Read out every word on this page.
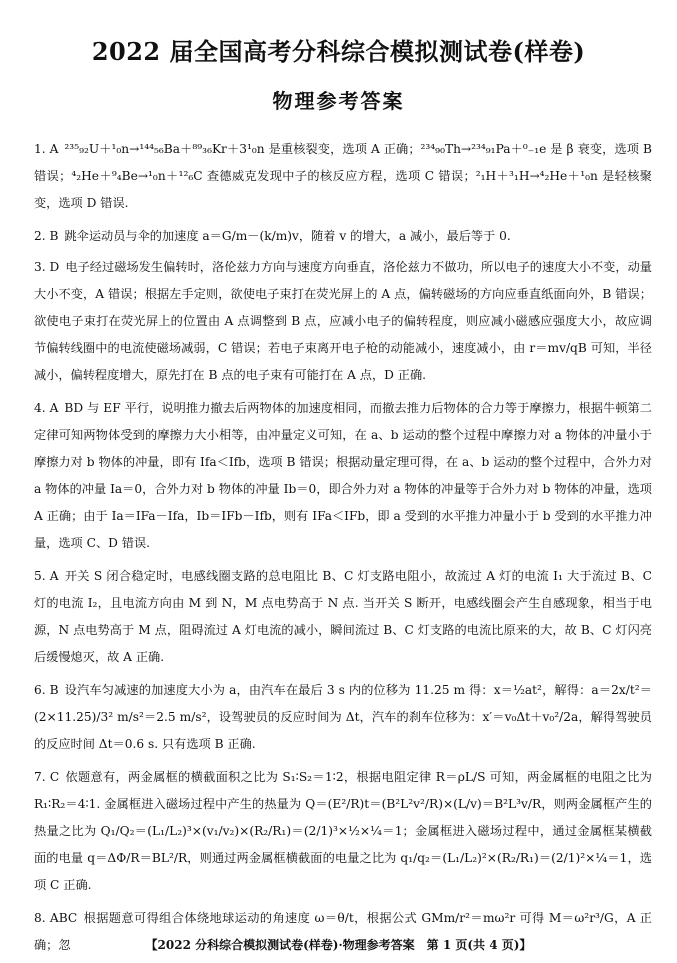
2022 届全国高考分科综合模拟测试卷(样卷)
物理参考答案

1. A ²³⁵₉₂U＋¹₀n→¹⁴⁴₅₆Ba＋⁸⁹₃₆Kr＋3¹₀n 是重核裂变，选项 A 正确；²³⁴₉₀Th→²³⁴₉₁Pa＋⁰₋₁e 是 β 衰变，选项 B 错误；⁴₂He＋⁹₄Be→¹₀n＋¹²₆C 查德威克发现中子的核反应方程，选项 C 错误；²₁H＋³₁H→⁴₂He＋¹₀n 是轻核聚变，选项 D 错误.

2. B 跳伞运动员与伞的加速度 a＝G/m－(k/m)v，随着 v 的增大，a 减小，最后等于 0.

3. D 电子经过磁场发生偏转时，洛伦兹力方向与速度方向垂直，洛伦兹力不做功，所以电子的速度大小不变，动量大小不变，A 错误；根据左手定则，欲使电子束打在荧光屏上的 A 点，偏转磁场的方向应垂直纸面向外，B 错误；欲使电子束打在荧光屏上的位置由 A 点调整到 B 点，应减小电子的偏转程度，则应减小磁感应强度大小，故应调节偏转线圈中的电流使磁场减弱，C 错误；若电子束离开电子枪的动能减小，速度减小，由 r＝mv/qB 可知，半径减小，偏转程度增大，原先打在 B 点的电子束有可能打在 A 点，D 正确.

4. A BD 与 EF 平行，说明推力撤去后两物体的加速度相同，而撤去推力后物体的合力等于摩擦力，根据牛顿第二定律可知两物体受到的摩擦力大小相等，由冲量定义可知，在 a、b 运动的整个过程中摩擦力对 a 物体的冲量小于摩擦力对 b 物体的冲量，即有 Ifa＜Ifb，选项 B 错误；根据动量定理可得，在 a、b 运动的整个过程中，合外力对 a 物体的冲量 Ia＝0，合外力对 b 物体的冲量 Ib＝0，即合外力对 a 物体的冲量等于合外力对 b 物体的冲量，选项 A 正确；由于 Ia＝IFa－Ifa，Ib＝IFb－Ifb，则有 IFa＜IFb，即 a 受到的水平推力冲量小于 b 受到的水平推力冲量，选项 C、D 错误.

5. A 开关 S 闭合稳定时，电感线圈支路的总电阻比 B、C 灯支路电阻小，故流过 A 灯的电流 I₁ 大于流过 B、C 灯的电流 I₂，且电流方向由 M 到 N，M 点电势高于 N 点. 当开关 S 断开，电感线圈会产生自感现象，相当于电源，N 点电势高于 M 点，阻碍流过 A 灯电流的减小，瞬间流过 B、C 灯支路的电流比原来的大，故 B、C 灯闪亮后缓慢熄灭，故 A 正确.

6. B 设汽车匀减速的加速度大小为 a，由汽车在最后 3 s 内的位移为 11.25 m 得：x＝½at²，解得：a＝2x/t²＝(2×11.25)/3² m/s²＝2.5 m/s²，设驾驶员的反应时间为 Δt，汽车的刹车位移为：x′＝v₀Δt＋v₀²/2a，解得驾驶员的反应时间 Δt＝0.6 s. 只有选项 B 正确.

7. C 依题意有，两金属框的横截面积之比为 S₁∶S₂＝1∶2，根据电阻定律 R＝ρL/S 可知，两金属框的电阻之比为 R₁∶R₂＝4∶1. 金属框进入磁场过程中产生的热量为 Q＝(E²/R)t＝(B²L²v²/R)×(L/v)＝B²L³v/R，则两金属框产生的热量之比为 Q₁/Q₂＝(L₁/L₂)³×(v₁/v₂)×(R₂/R₁)＝(2/1)³×½×¼＝1；金属框进入磁场过程中，通过金属框某横截面的电量 q＝ΔΦ/R＝BL²/R，则通过两金属框横截面的电量之比为 q₁/q₂＝(L₁/L₂)²×(R₂/R₁)＝(2/1)²×¼＝1，选项 C 正确.

8. ABC 根据题意可得组合体绕地球运动的角速度 ω＝θ/t，根据公式 GMm/r²＝mω²r 可得 M＝ω²r³/G，A 正确；忽	【2022 分科综合模拟测试卷(样卷)·物理参考答案　第 1 页(共 4 页)】
